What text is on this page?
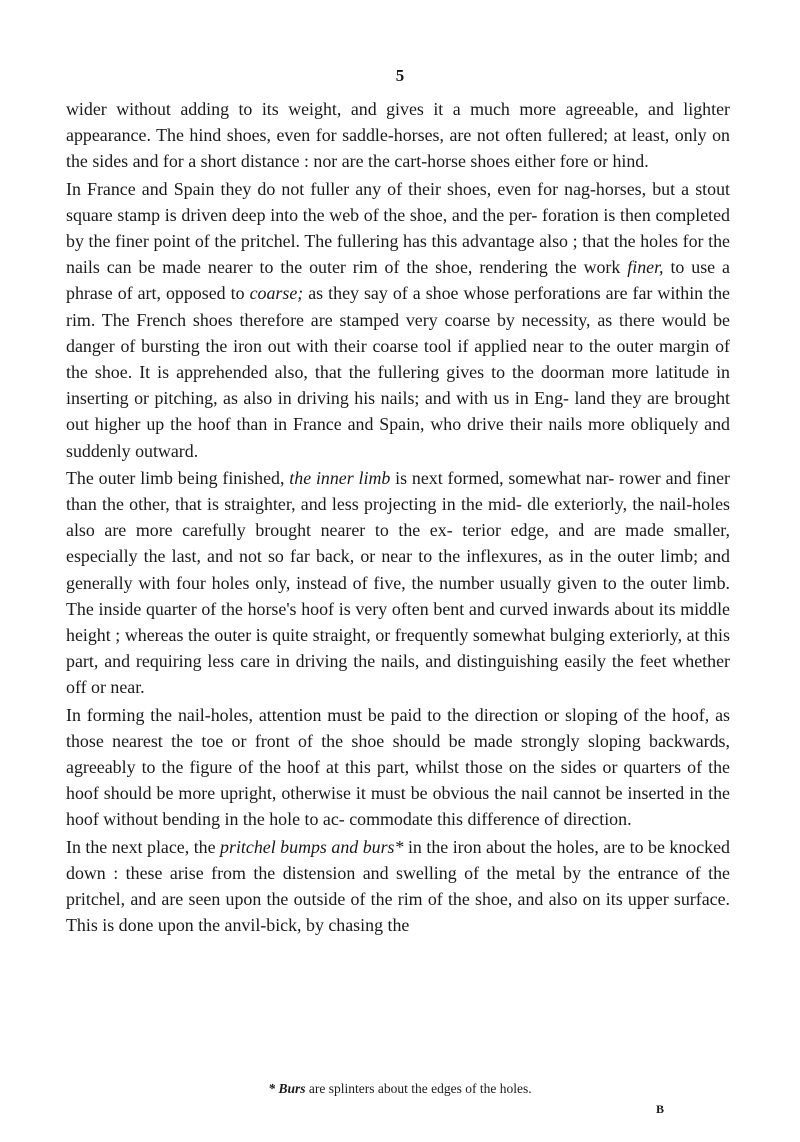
5

wider without adding to its weight, and gives it a much more agreeable, and lighter appearance. The hind shoes, even for saddle-horses, are not often fullered; at least, only on the sides and for a short distance : nor are the cart-horse shoes either fore or hind.

In France and Spain they do not fuller any of their shoes, even for nag-horses, but a stout square stamp is driven deep into the web of the shoe, and the per- foration is then completed by the finer point of the pritchel. The fullering has this advantage also ; that the holes for the nails can be made nearer to the outer rim of the shoe, rendering the work finer, to use a phrase of art, opposed to coarse; as they say of a shoe whose perforations are far within the rim. The French shoes therefore are stamped very coarse by necessity, as there would be danger of bursting the iron out with their coarse tool if applied near to the outer margin of the shoe. It is apprehended also, that the fullering gives to the doorman more latitude in inserting or pitching, as also in driving his nails; and with us in Eng- land they are brought out higher up the hoof than in France and Spain, who drive their nails more obliquely and suddenly outward.

The outer limb being finished, the inner limb is next formed, somewhat nar- rower and finer than the other, that is straighter, and less projecting in the mid- dle exteriorly, the nail-holes also are more carefully brought nearer to the ex- terior edge, and are made smaller, especially the last, and not so far back, or near to the inflexures, as in the outer limb; and generally with four holes only, instead of five, the number usually given to the outer limb. The inside quarter of the horse's hoof is very often bent and curved inwards about its middle height ; whereas the outer is quite straight, or frequently somewhat bulging exteriorly, at this part, and requiring less care in driving the nails, and distinguishing easily the feet whether off or near.

In forming the nail-holes, attention must be paid to the direction or sloping of the hoof, as those nearest the toe or front of the shoe should be made strongly sloping backwards, agreeably to the figure of the hoof at this part, whilst those on the sides or quarters of the hoof should be more upright, otherwise it must be obvious the nail cannot be inserted in the hoof without bending in the hole to ac- commodate this difference of direction.

In the next place, the pritchel bumps and burs* in the iron about the holes, are to be knocked down : these arise from the distension and swelling of the metal by the entrance of the pritchel, and are seen upon the outside of the rim of the shoe, and also on its upper surface. This is done upon the anvil-bick, by chasing the

* Burs are splinters about the edges of the holes.
B
